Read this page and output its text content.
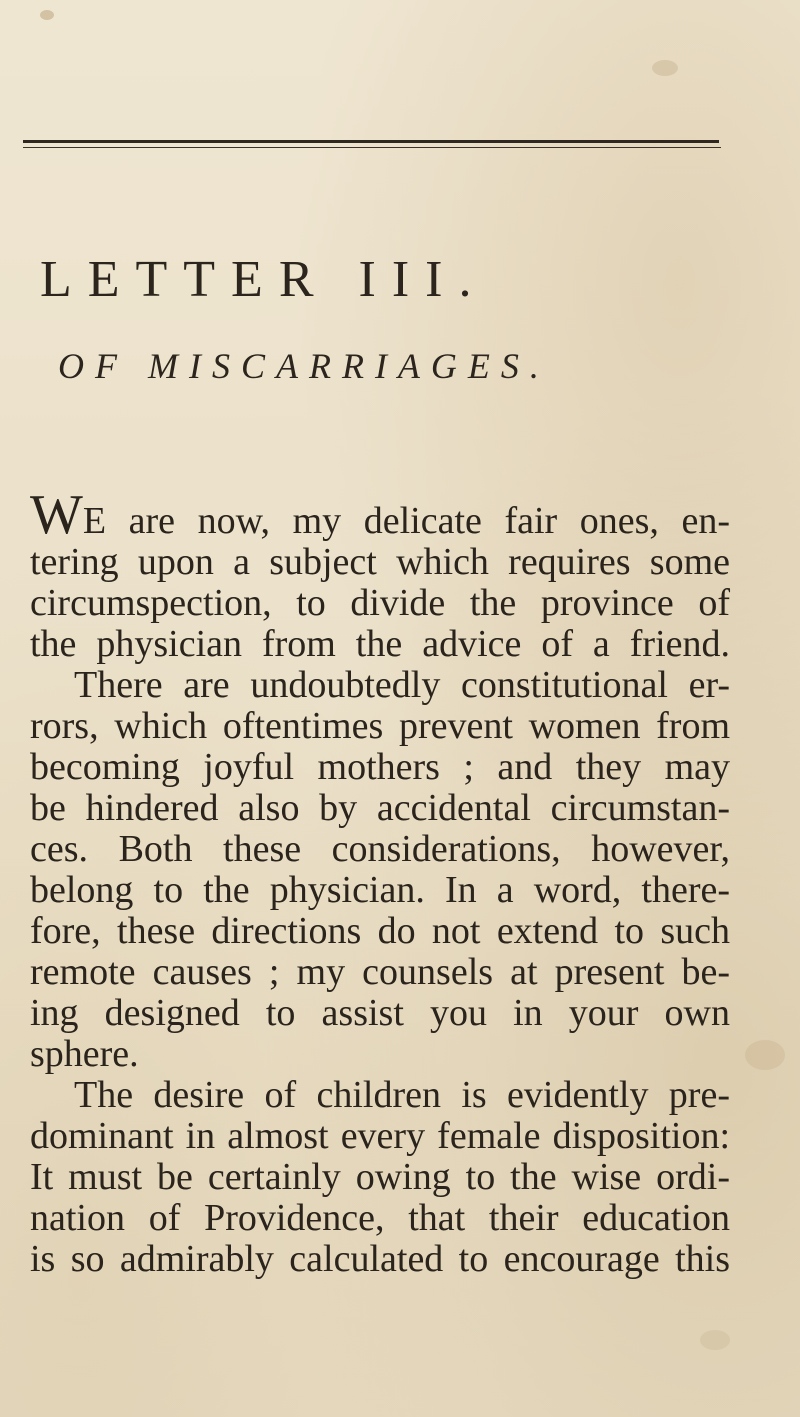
LETTER III.
OF MISCARRIAGES.
WE are now, my delicate fair ones, en-
tering upon a subject which requires some
circumspection, to divide the province of
the physician from the advice of a friend.
There are undoubtedly constitutional er-
rors, which oftentimes prevent women from
becoming joyful mothers ; and they may
be hindered also by accidental circumstan-
ces. Both these considerations, however,
belong to the physician. In a word, there-
fore, these directions do not extend to such
remote causes ; my counsels at present be-
ing designed to assist you in your own
sphere.
The desire of children is evidently pre-
dominant in almost every female disposition:
It must be certainly owing to the wise ordi-
nation of Providence, that their education
is so admirably calculated to encourage this
